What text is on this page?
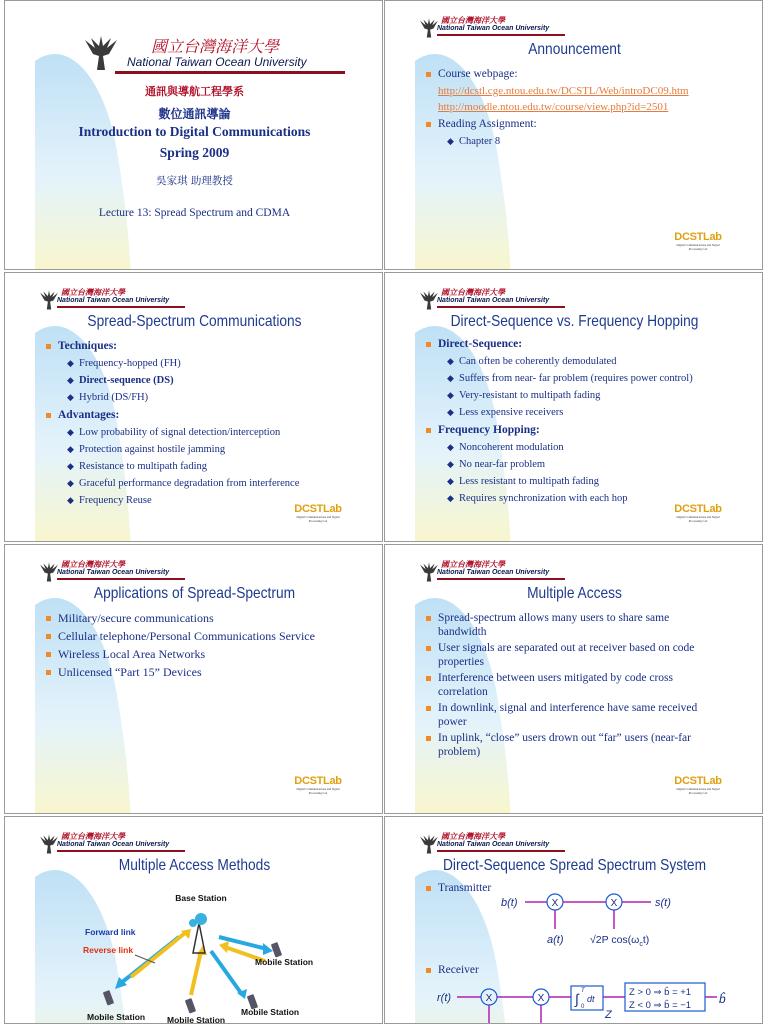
國立台灣海洋大學
National Taiwan Ocean University
通訊與導航工程學系
數位通訊導論
Introduction to Digital Communications
Spring 2009
吳家琪 助理教授
Lecture 13: Spread Spectrum and CDMA
國立台灣海洋大學
National Taiwan Ocean University
Announcement
Course webpage:
http://dcstl.cge.ntou.edu.tw/DCSTL/Web/introDC09.htm
http://moodle.ntou.edu.tw/course/view.php?id=2501
Reading Assignment:
◆ Chapter 8
DCSTLab
Digital Communications and Signal Processing Lab
國立台灣海洋大學
National Taiwan Ocean University
Spread-Spectrum Communications
Techniques:
◆ Frequency-hopped (FH)
◆ Direct-sequence (DS)
◆ Hybrid (DS/FH)
Advantages:
◆ Low probability of signal detection/interception
◆ Protection against hostile jamming
◆ Resistance to multipath fading
◆ Graceful performance degradation from interference
◆ Frequency Reuse
DCSTLab
Digital Communications and Signal Processing Lab
國立台灣海洋大學
National Taiwan Ocean University
Direct-Sequence vs. Frequency Hopping
Direct-Sequence:
◆ Can often be coherently demodulated
◆ Suffers from near- far problem (requires power control)
◆ Very-resistant to multipath fading
◆ Less expensive receivers
Frequency Hopping:
◆ Noncoherent modulation
◆ No near-far problem
◆ Less resistant to multipath fading
◆ Requires synchronization with each hop
DCSTLab
Digital Communications and Signal Processing Lab
國立台灣海洋大學
National Taiwan Ocean University
Applications of Spread-Spectrum
Military/secure communications
Cellular telephone/Personal Communications Service
Wireless Local Area Networks
Unlicensed “Part 15” Devices
DCSTLab
Digital Communications and Signal Processing Lab
國立台灣海洋大學
National Taiwan Ocean University
Multiple Access
Spread-spectrum allows many users to share same bandwidth
User signals are separated out at receiver based on code properties
Interference between users mitigated by code cross correlation
In downlink, signal and interference have same received power
In uplink, “close” users drown out “far” users (near-far problem)
DCSTLab
Digital Communications and Signal Processing Lab
國立台灣海洋大學
National Taiwan Ocean University
Multiple Access Methods
Base Station
Forward link
Reverse link
Mobile Station
Mobile Station	Mobile Station
Mobile Station
國立台灣海洋大學
National Taiwan Ocean University
Direct-Sequence Spread Spectrum System
Transmitter
Receiver
b(t)	X	X	s(t)
a(t)	√2P $\cos(\omega_ct)$
r(t)	X	X ∫ 0
T
dt
Z
Z > 0 ⇒ b̂ = +1
Z < 0 ⇒ b̂ = −1 b̂
